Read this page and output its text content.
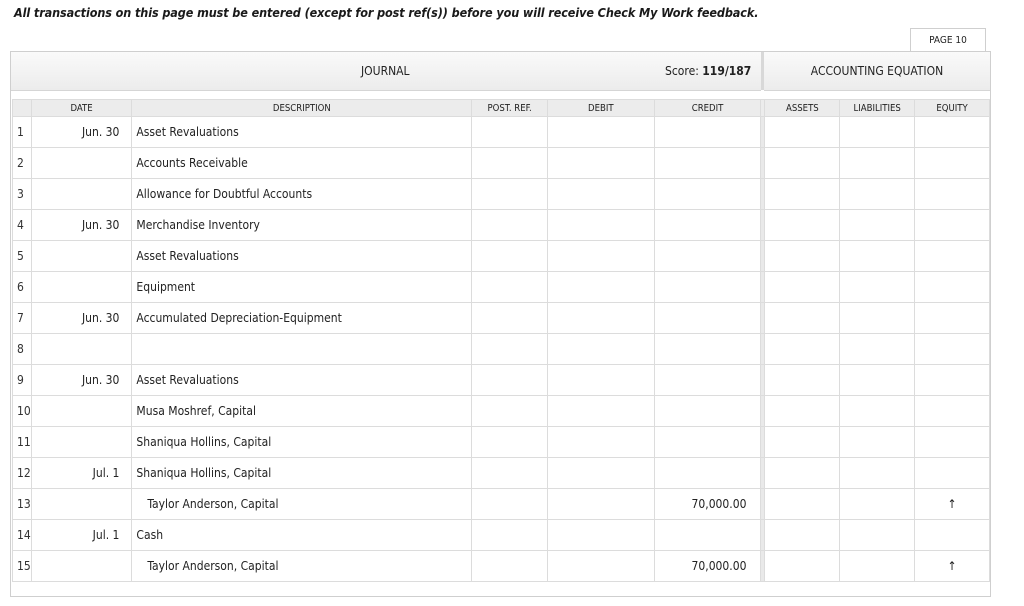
All transactions on this page must be entered (except for post ref(s)) before you will receive Check My Work feedback.
PAGE 10
JOURNAL	Score: 119/187	ACCOUNTING EQUATION
	DATE	DESCRIPTION	POST. REF.	DEBIT	CREDIT		ASSETS	LIABILITIES	EQUITY
1	Jun. 30	Asset Revaluations							
2		Accounts Receivable							
3		Allowance for Doubtful Accounts							
4	Jun. 30	Merchandise Inventory							
5		Asset Revaluations							
6		Equipment							
7	Jun. 30	Accumulated Depreciation-Equipment							
8									
9	Jun. 30	Asset Revaluations							
10		Musa Moshref, Capital							
11		Shaniqua Hollins, Capital							
12	Jul. 1	Shaniqua Hollins, Capital							
13		Taylor Anderson, Capital			70,000.00				↑
14	Jul. 1	Cash							
15		Taylor Anderson, Capital			70,000.00				↑
